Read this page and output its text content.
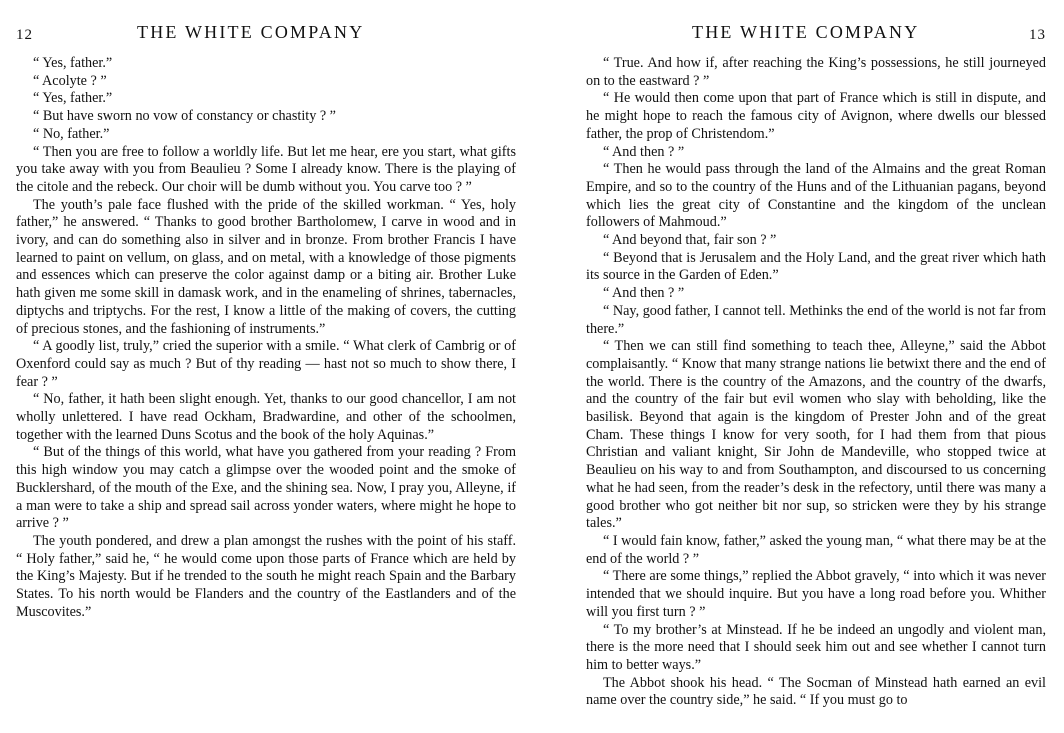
12	THE WHITE COMPANY

“ Yes, father.”

“ Acolyte ? ”

“ Yes, father.”

“ But have sworn no vow of constancy or chastity ? ”

“ No, father.”

“ Then you are free to follow a worldly life. But let me hear, ere you start, what gifts you take away with you from Beaulieu ? Some I already know. There is the playing of the citole and the rebeck. Our choir will be dumb without you. You carve too ? ”

The youth’s pale face flushed with the pride of the skilled workman. “ Yes, holy father,” he answered. “ Thanks to good brother Bartholomew, I carve in wood and in ivory, and can do something also in silver and in bronze. From brother Francis I have learned to paint on vellum, on glass, and on metal, with a knowledge of those pigments and essences which can preserve the color against damp or a biting air. Brother Luke hath given me some skill in damask work, and in the enameling of shrines, tabernacles, diptychs and triptychs. For the rest, I know a little of the making of covers, the cutting of precious stones, and the fashioning of instruments.”

“ A goodly list, truly,” cried the superior with a smile. “ What clerk of Cambrig or of Oxenford could say as much ? But of thy reading — hast not so much to show there, I fear ? ”

“ No, father, it hath been slight enough. Yet, thanks to our good chancellor, I am not wholly unlettered. I have read Ockham, Bradwardine, and other of the schoolmen, together with the learned Duns Scotus and the book of the holy Aquinas.”

“ But of the things of this world, what have you gathered from your reading ? From this high window you may catch a glimpse over the wooded point and the smoke of Bucklershard, of the mouth of the Exe, and the shining sea. Now, I pray you, Alleyne, if a man were to take a ship and spread sail across yonder waters, where might he hope to arrive ? ”

The youth pondered, and drew a plan amongst the rushes with the point of his staff. “ Holy father,” said he, “ he would come upon those parts of France which are held by the King’s Majesty. But if he trended to the south he might reach Spain and the Barbary States. To his north would be Flanders and the country of the Eastlanders and of the Muscovites.”

THE WHITE COMPANY	13

“ True. And how if, after reaching the King’s possessions, he still journeyed on to the eastward ? ”

“ He would then come upon that part of France which is still in dispute, and he might hope to reach the famous city of Avignon, where dwells our blessed father, the prop of Christendom.”

“ And then ? ”

“ Then he would pass through the land of the Almains and the great Roman Empire, and so to the country of the Huns and of the Lithuanian pagans, beyond which lies the great city of Constantine and the kingdom of the unclean followers of Mahmoud.”

“ And beyond that, fair son ? ”

“ Beyond that is Jerusalem and the Holy Land, and the great river which hath its source in the Garden of Eden.”

“ And then ? ”

“ Nay, good father, I cannot tell. Methinks the end of the world is not far from there.”

“ Then we can still find something to teach thee, Alleyne,” said the Abbot complaisantly. “ Know that many strange nations lie betwixt there and the end of the world. There is the country of the Amazons, and the country of the dwarfs, and the country of the fair but evil women who slay with beholding, like the basilisk. Beyond that again is the kingdom of Prester John and of the great Cham. These things I know for very sooth, for I had them from that pious Christian and valiant knight, Sir John de Mandeville, who stopped twice at Beaulieu on his way to and from Southampton, and discoursed to us concerning what he had seen, from the reader’s desk in the refectory, until there was many a good brother who got neither bit nor sup, so stricken were they by his strange tales.”

“ I would fain know, father,” asked the young man, “ what there may be at the end of the world ? ”

“ There are some things,” replied the Abbot gravely, “ into which it was never intended that we should inquire. But you have a long road before you. Whither will you first turn ? ”

“ To my brother’s at Minstead. If he be indeed an ungodly and violent man, there is the more need that I should seek him out and see whether I cannot turn him to better ways.”

The Abbot shook his head. “ The Socman of Minstead hath earned an evil name over the country side,” he said. “ If you must go to
